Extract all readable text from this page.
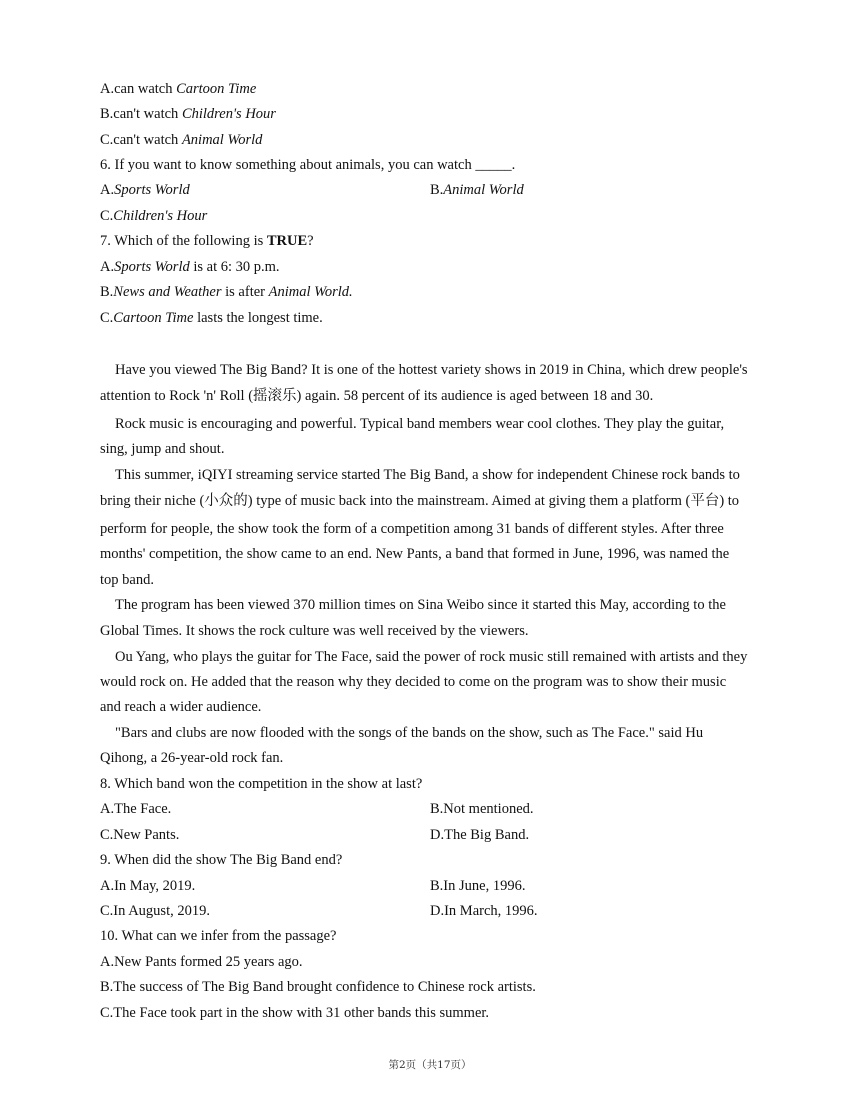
A.can watch Cartoon Time
B.can't watch Children's Hour
C.can't watch Animal World
6. If you want to know something about animals, you can watch _____.
A.Sports World	B.Animal World
C.Children's Hour
7. Which of the following is TRUE?
A.Sports World is at 6: 30 p.m.
B.News and Weather is after Animal World.
C.Cartoon Time lasts the longest time.
Have you viewed The Big Band? It is one of the hottest variety shows in 2019 in China, which drew people's
attention to Rock 'n' Roll (摇滚乐) again. 58 percent of its audience is aged between 18 and 30.
Rock music is encouraging and powerful. Typical band members wear cool clothes. They play the guitar,
sing, jump and shout.
This summer, iQIYI streaming service started The Big Band, a show for independent Chinese rock bands to
bring their niche (小众的) type of music back into the mainstream. Aimed at giving them a platform (平台) to
perform for people, the show took the form of a competition among 31 bands of different styles. After three
months' competition, the show came to an end. New Pants, a band that formed in June, 1996, was named the
top band.
The program has been viewed 370 million times on Sina Weibo since it started this May, according to the
Global Times. It shows the rock culture was well received by the viewers.
Ou Yang, who plays the guitar for The Face, said the power of rock music still remained with artists and they
would rock on. He added that the reason why they decided to come on the program was to show their music
and reach a wider audience.
"Bars and clubs are now flooded with the songs of the bands on the show, such as The Face." said Hu
Qihong, a 26-year-old rock fan.
8. Which band won the competition in the show at last?
A.The Face.	B.Not mentioned.
C.New Pants.	D.The Big Band.
9. When did the show The Big Band end?
A.In May, 2019.	B.In June, 1996.
C.In August, 2019.	D.In March, 1996.
10. What can we infer from the passage?
A.New Pants formed 25 years ago.
B.The success of The Big Band brought confidence to Chinese rock artists.
C.The Face took part in the show with 31 other bands this summer.
第2页（共17页）
